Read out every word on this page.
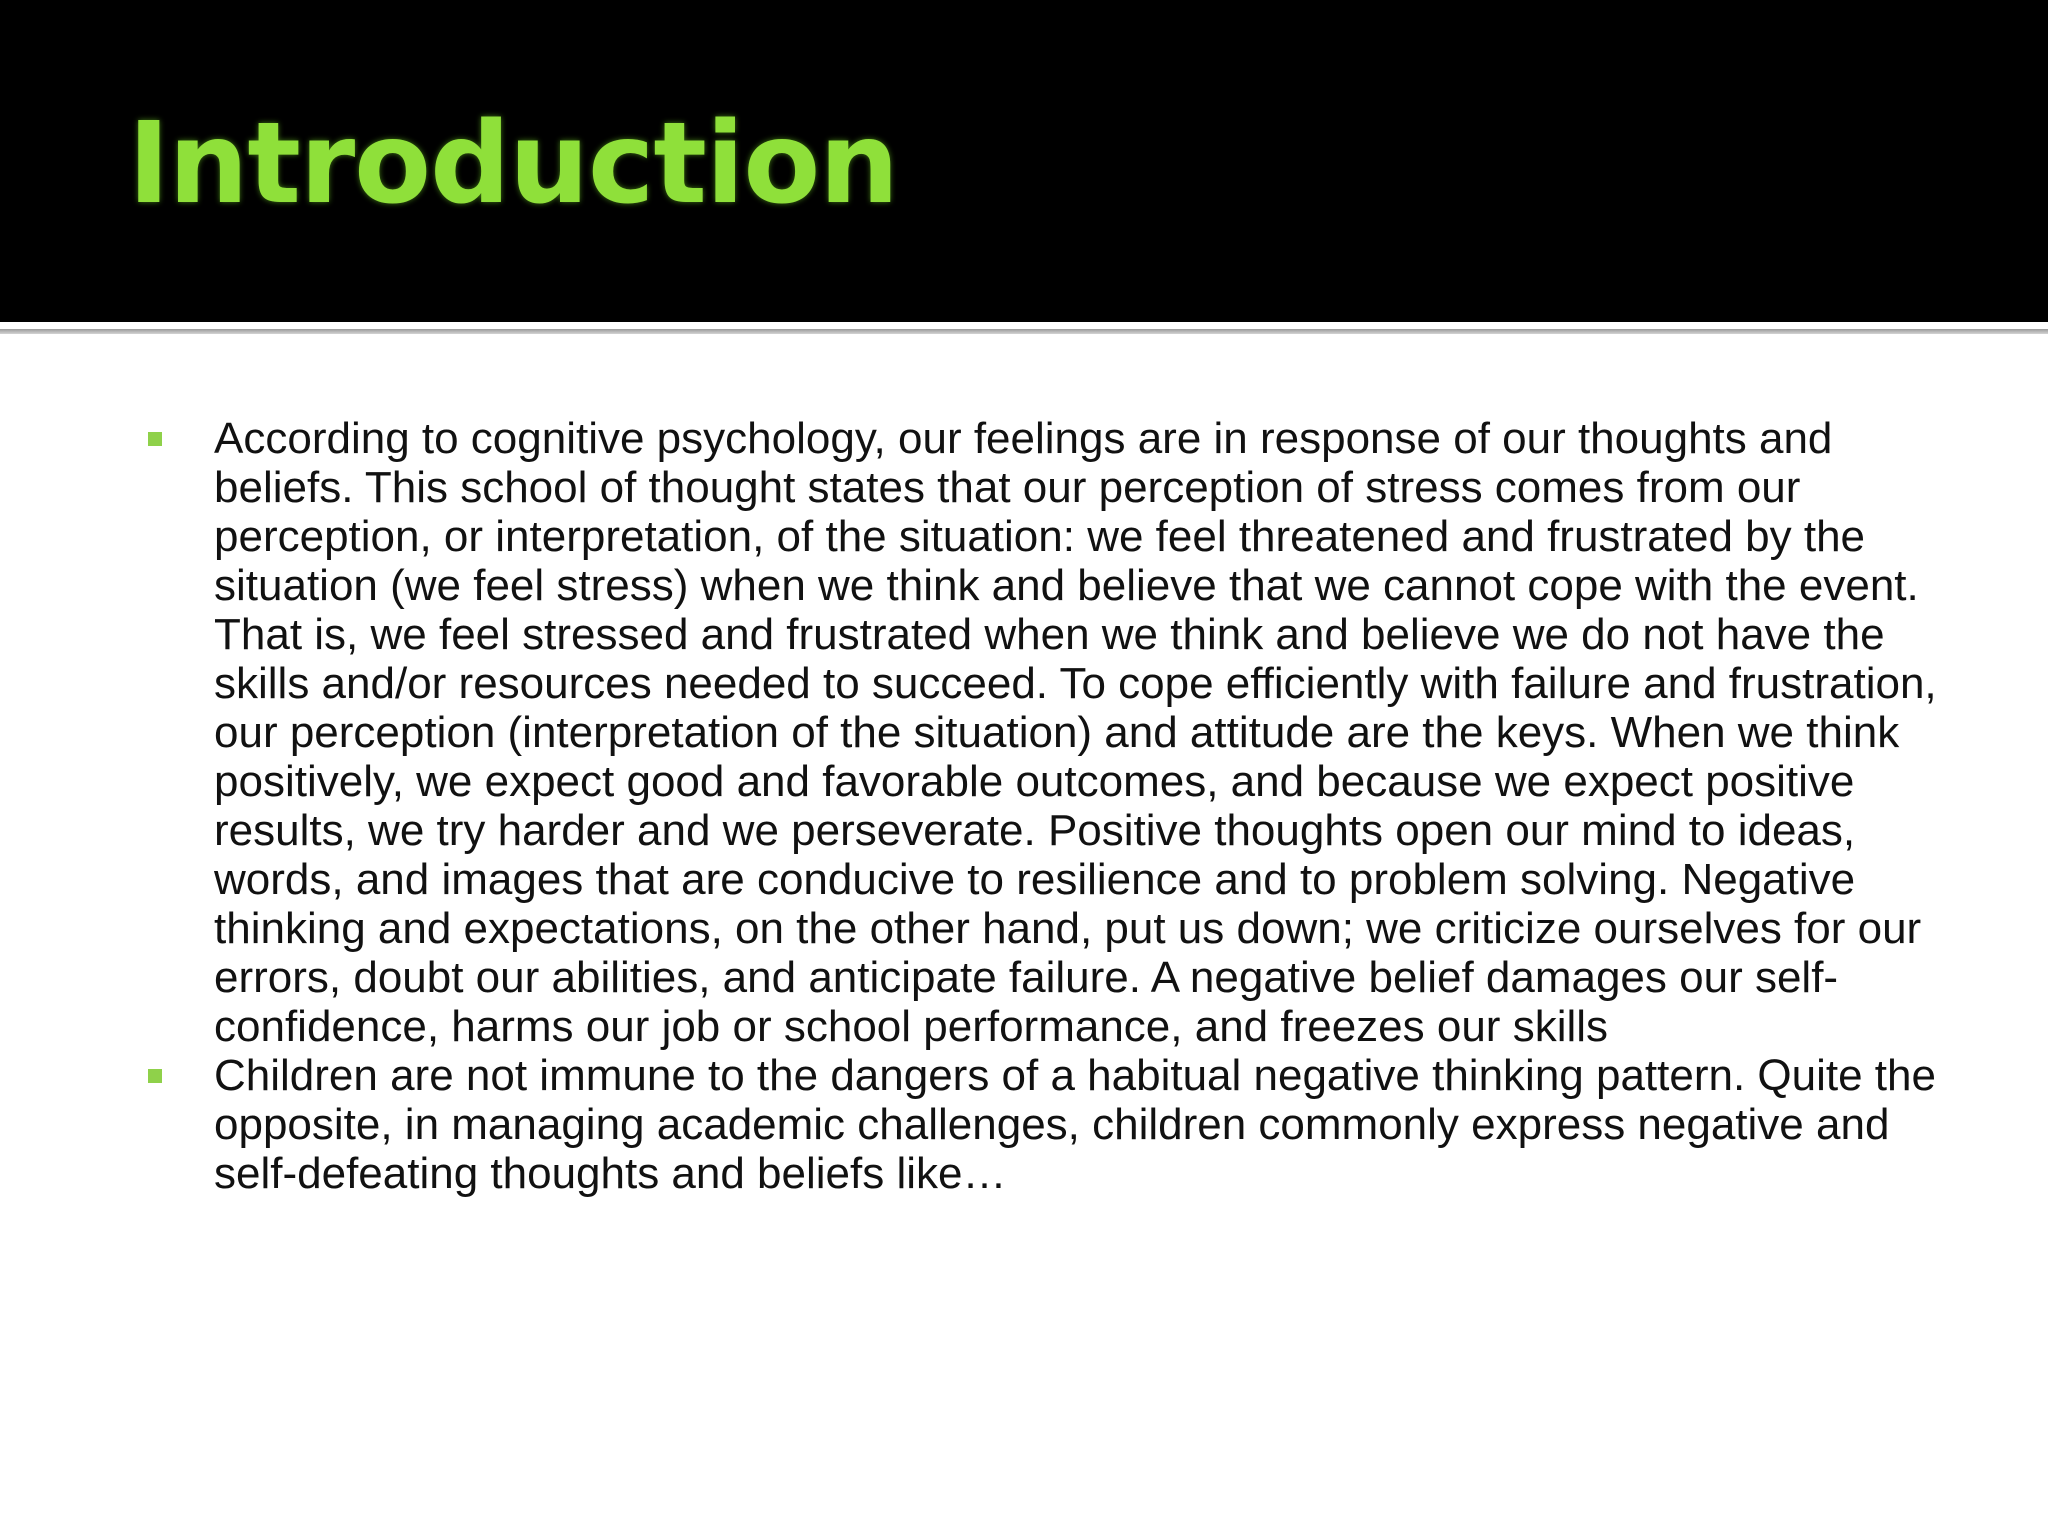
Introduction
According to cognitive psychology, our feelings are in response of our thoughts and beliefs. This school of thought states that our perception of stress comes from our perception, or interpretation, of the situation: we feel threatened and frustrated by the situation (we feel stress) when we think and believe that we cannot cope with the event. That is, we feel stressed and frustrated when we think and believe we do not have the skills and/or resources needed to succeed. To cope efficiently with failure and frustration, our perception (interpretation of the situation) and attitude are the keys. When we think positively, we expect good and favorable outcomes, and because we expect positive results, we try harder and we perseverate. Positive thoughts open our mind to ideas, words, and images that are conducive to resilience and to problem solving. Negative thinking and expectations, on the other hand, put us down; we criticize ourselves for our errors, doubt our abilities, and anticipate failure. A negative belief damages our self-confidence, harms our job or school performance, and freezes our skills
Children are not immune to the dangers of a habitual negative thinking pattern. Quite the opposite, in managing academic challenges, children commonly express negative and self-defeating thoughts and beliefs like…
